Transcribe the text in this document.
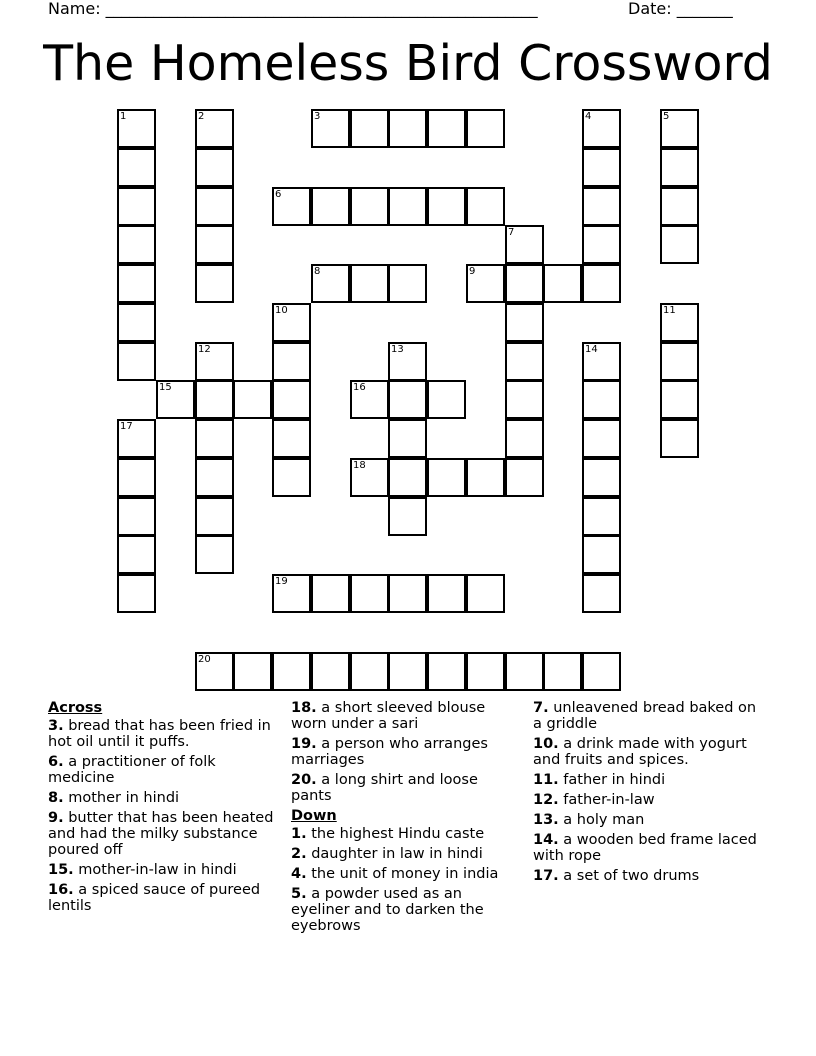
Name: ______________________________________________________	Date: _______
The Homeless Bird Crossword
1	2	3	4	5
6
7
8	9
10	11
12	13	14
15	16
17
18
19
20
Across
3. bread that has been fried in hot oil until it puffs.
6. a practitioner of folk medicine
8. mother in hindi
9. butter that has been heated and had the milky substance poured off
15. mother-in-law in hindi
16. a spiced sauce of pureed lentils
18. a short sleeved blouse worn under a sari
19. a person who arranges marriages
20. a long shirt and loose pants
Down
1. the highest Hindu caste
2. daughter in law in hindi
4. the unit of money in india
5. a powder used as an eyeliner and to darken the eyebrows
7. unleavened bread baked on a griddle
10. a drink made with yogurt and fruits and spices.
11. father in hindi
12. father-in-law
13. a holy man
14. a wooden bed frame laced with rope
17. a set of two drums
